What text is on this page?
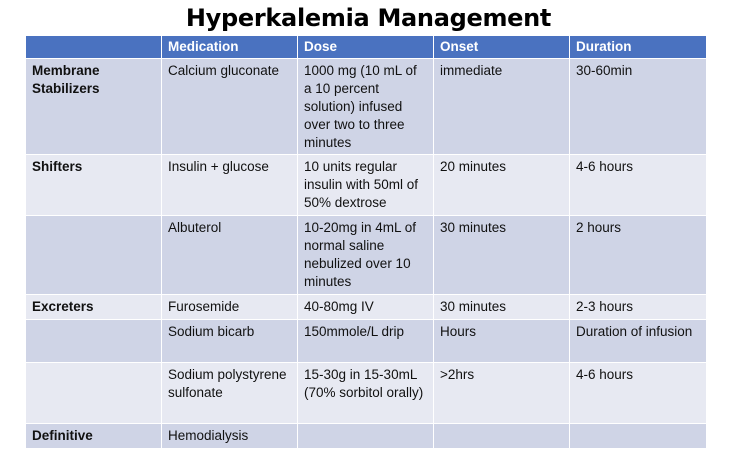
Hyperkalemia Management
	Medication	Dose	Onset	Duration
Membrane Stabilizers	Calcium gluconate	1000 mg (10 mL of a 10 percent solution) infused over two to three minutes	immediate	30-60min
Shifters	Insulin + glucose	10 units regular insulin with 50ml of 50% dextrose	20 minutes	4-6 hours
	Albuterol	10-20mg in 4mL of normal saline nebulized over 10 minutes	30 minutes	2 hours
Excreters	Furosemide	40-80mg IV	30 minutes	2-3 hours
	Sodium bicarb	150mmole/L drip	Hours	Duration of infusion
	Sodium polystyrene sulfonate	15-30g in 15-30mL (70% sorbitol orally)	>2hrs	4-6 hours
Definitive	Hemodialysis			
